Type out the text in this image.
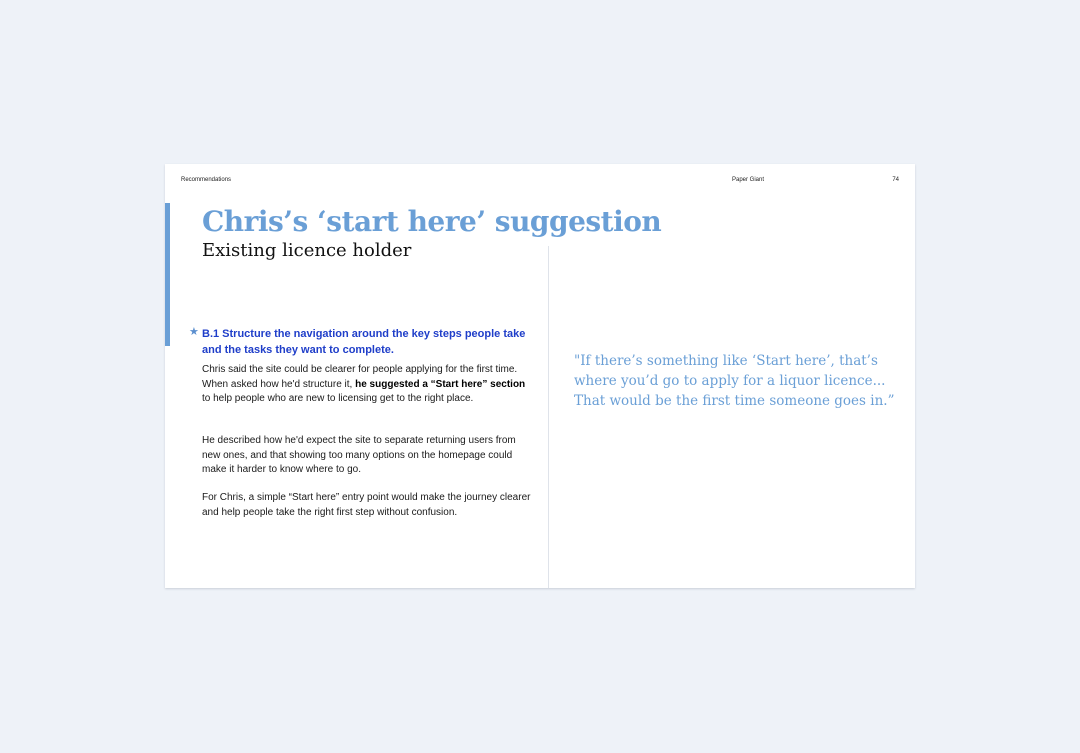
Recommendations	Paper Giant	74
Chris’s ‘start here’ suggestion
Existing licence holder
★ B.1 Structure the navigation around the key steps people take and the tasks they want to complete.

Chris said the site could be clearer for people applying for the first time. When asked how he'd structure it, he suggested a “Start here” section to help people who are new to licensing get to the right place.

He described how he'd expect the site to separate returning users from new ones, and that showing too many options on the homepage could make it harder to know where to go.

For Chris, a simple “Start here” entry point would make the journey clearer and help people take the right first step without confusion.

"If there’s something like ‘Start here’, that’s where you’d go to apply for a liquor licence... That would be the first time someone goes in.”
